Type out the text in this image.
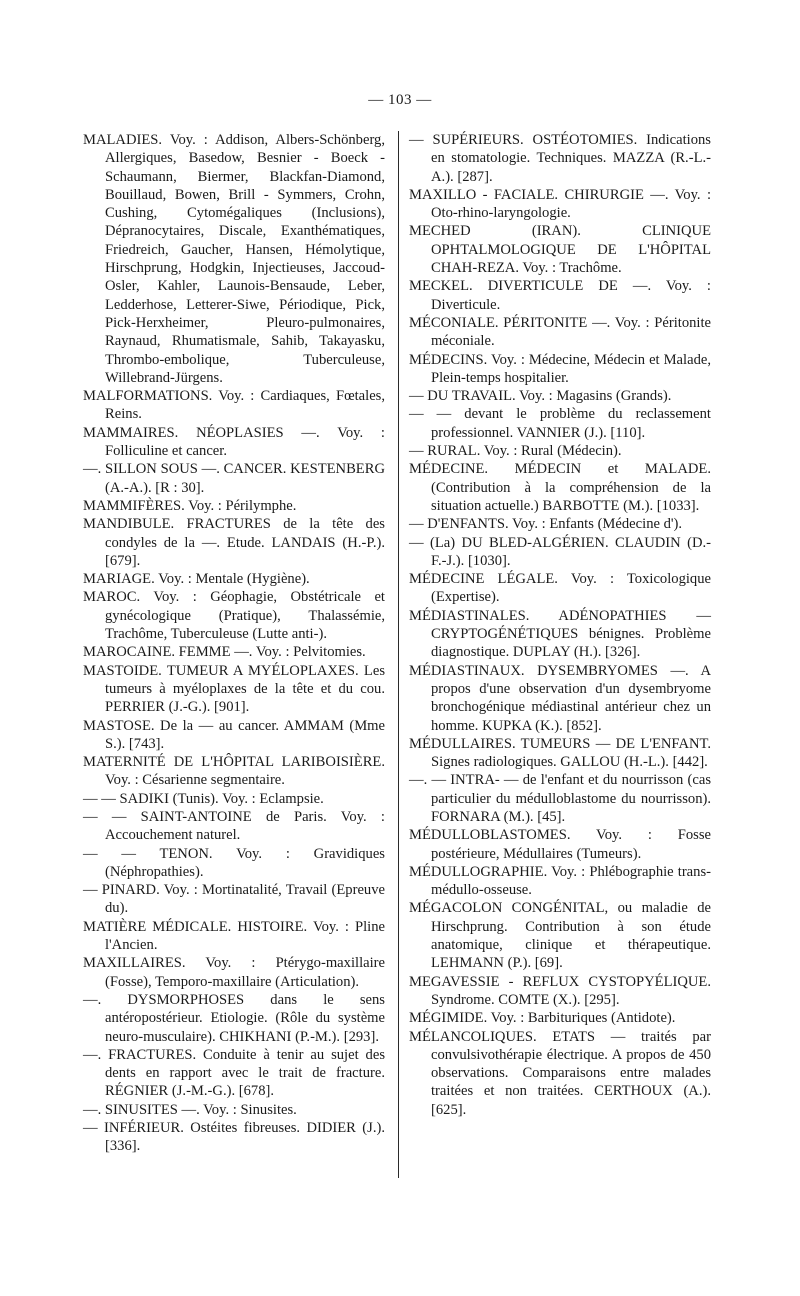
— 103 —

MALADIES. Voy. : Addison, Albers-Schönberg, Allergiques, Basedow, Besnier - Boeck - Schaumann, Biermer, Blackfan-Diamond, Bouillaud, Bowen, Brill - Symmers, Crohn, Cushing, Cytomégaliques (Inclusions), Dépranocytaires, Discale, Exanthématiques, Friedreich, Gaucher, Hansen, Hémolytique, Hirschprung, Hodgkin, Injectieuses, Jaccoud-Osler, Kahler, Launois-Bensaude, Leber, Ledderhose, Letterer-Siwe, Périodique, Pick, Pick-Herxheimer, Pleuro-pulmonaires, Raynaud, Rhumatismale, Sahib, Takayasku, Thrombo-embolique, Tuberculeuse, Willebrand-Jürgens.

MALFORMATIONS. Voy. : Cardiaques, Fœtales, Reins.

MAMMAIRES. NÉOPLASIES —. Voy. : Folliculine et cancer.

—. SILLON SOUS —. CANCER. KESTENBERG (A.-A.). [R : 30].

MAMMIFÈRES. Voy. : Périlymphe.

MANDIBULE. FRACTURES de la tête des condyles de la —. Etude. LANDAIS (H.-P.). [679].

MARIAGE. Voy. : Mentale (Hygiène).

MAROC. Voy. : Géophagie, Obstétricale et gynécologique (Pratique), Thalassémie, Trachôme, Tuberculeuse (Lutte anti-).

MAROCAINE. FEMME —. Voy. : Pelvitomies.

MASTOIDE. TUMEUR A MYÉLOPLAXES. Les tumeurs à myéloplaxes de la tête et du cou. PERRIER (J.-G.). [901].

MASTOSE. De la — au cancer. AMMAM (Mme S.). [743].

MATERNITÉ DE L'HÔPITAL LARIBOISIÈRE. Voy. : Césarienne segmentaire.

— — SADIKI (Tunis). Voy. : Eclampsie.

— — SAINT-ANTOINE de Paris. Voy. : Accouchement naturel.

— — TENON. Voy. : Gravidiques (Néphropathies).

— PINARD. Voy. : Mortinatalité, Travail (Epreuve du).

MATIÈRE MÉDICALE. HISTOIRE. Voy. : Pline l'Ancien.

MAXILLAIRES. Voy. : Ptérygo-maxillaire (Fosse), Temporo-maxillaire (Articulation).

—. DYSMORPHOSES dans le sens antéropostérieur. Etiologie. (Rôle du système neuro-musculaire). CHIKHANI (P.-M.). [293].

—. FRACTURES. Conduite à tenir au sujet des dents en rapport avec le trait de fracture. RÉGNIER (J.-M.-G.). [678].

—. SINUSITES —. Voy. : Sinusites.

— INFÉRIEUR. Ostéites fibreuses. DIDIER (J.). [336].

— SUPÉRIEURS. OSTÉOTOMIES. Indications en stomatologie. Techniques. MAZZA (R.-L.-A.). [287].

MAXILLO - FACIALE. CHIRURGIE —. Voy. : Oto-rhino-laryngologie.

MECHED (IRAN). CLINIQUE OPHTALMOLOGIQUE DE L'HÔPITAL CHAH-REZA. Voy. : Trachôme.

MECKEL. DIVERTICULE DE —. Voy. : Diverticule.

MÉCONIALE. PÉRITONITE —. Voy. : Péritonite méconiale.

MÉDECINS. Voy. : Médecine, Médecin et Malade, Plein-temps hospitalier.

— DU TRAVAIL. Voy. : Magasins (Grands).

— — devant le problème du reclassement professionnel. VANNIER (J.). [110].

— RURAL. Voy. : Rural (Médecin).

MÉDECINE. MÉDECIN et MALADE. (Contribution à la compréhension de la situation actuelle.) BARBOTTE (M.). [1033].

— D'ENFANTS. Voy. : Enfants (Médecine d').

— (La) DU BLED-ALGÉRIEN. CLAUDIN (D.-F.-J.). [1030].

MÉDECINE LÉGALE. Voy. : Toxicologique (Expertise).

MÉDIASTINALES. ADÉNOPATHIES — CRYPTOGÉNÉTIQUES bénignes. Problème diagnostique. DUPLAY (H.). [326].

MÉDIASTINAUX. DYSEMBRYOMES —. A propos d'une observation d'un dysembryome bronchogénique médiastinal antérieur chez un homme. KUPKA (K.). [852].

MÉDULLAIRES. TUMEURS — DE L'ENFANT. Signes radiologiques. GALLOU (H.-L.). [442].

—. — INTRA- — de l'enfant et du nourrisson (cas particulier du médulloblastome du nourrisson). FORNARA (M.). [45].

MÉDULLOBLASTOMES. Voy. : Fosse postérieure, Médullaires (Tumeurs).

MÉDULLOGRAPHIE. Voy. : Phlébographie trans-médullo-osseuse.

MÉGACOLON CONGÉNITAL, ou maladie de Hirschprung. Contribution à son étude anatomique, clinique et thérapeutique. LEHMANN (P.). [69].

MEGAVESSIE - REFLUX CYSTOPYÉLIQUE. Syndrome. COMTE (X.). [295].

MÉGIMIDE. Voy. : Barbituriques (Antidote).

MÉLANCOLIQUES. ETATS — traités par convulsivothérapie électrique. A propos de 450 observations. Comparaisons entre malades traitées et non traitées. CERTHOUX (A.). [625].
